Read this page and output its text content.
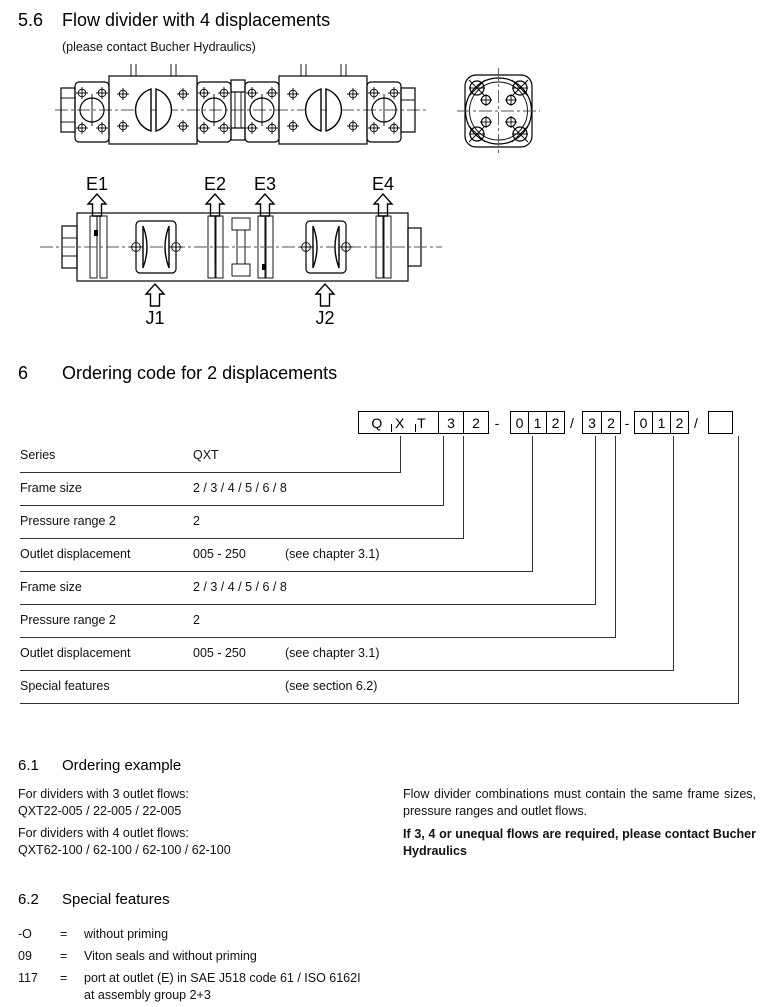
5.6 Flow divider with 4 displacements
(please contact Bucher Hydraulics)
E1	E2 E3	E4
J1	J2
6 Ordering code for 2 displacements
Q X T	3	2	-	0 1 2 /	3 2 - 0 1 2 /
Series	QXT
Frame size	2 / 3 / 4 / 5 / 6 / 8
Pressure range 2	2
Outlet displacement	005 - 250	(see chapter 3.1)
Frame size	2 / 3 / 4 / 5 / 6 / 8
Pressure range 2	2
Outlet displacement	005 - 250	(see chapter 3.1)
Special features	(see section 6.2)
6.1 Ordering example
For dividers with 3 outlet flows:
QXT22-005 / 22-005 / 22-005
For dividers with 4 outlet flows:
QXT62-100 / 62-100 / 62-100 / 62-100
Flow divider combinations must contain the same frame sizes, pressure ranges and outlet flows.
If 3, 4 or unequal flows are required, please contact Bucher Hydraulics
6.2 Special features
-O = without priming
09 = Viton seals and without priming
117 = port at outlet (E) in SAE J518 code 61 / ISO 6162I
at assembly group 2+3
